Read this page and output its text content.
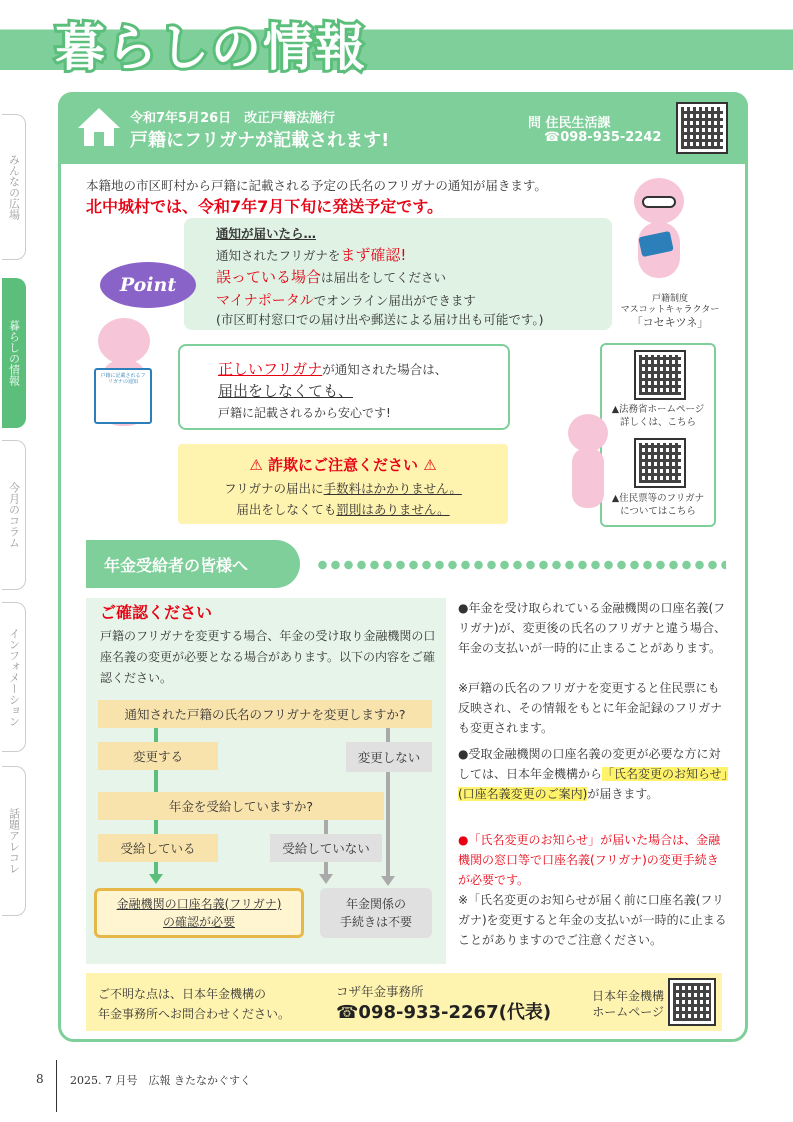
暮らしの情報
みんなの広場
暮らしの情報
今月のコラム
インフォメーション
話題アレコレ
令和7年5月26日　改正戸籍法施行
戸籍にフリガナが記載されます!
問 住民生活課
☎098-935-2242
本籍地の市区町村から戸籍に記載される予定の氏名のフリガナの通知が届きます。
北中城村では、令和7年7月下旬に発送予定です。
通知が届いたら…
通知されたフリガナをまず確認!
誤っている場合は届出をしてください
マイナポータルでオンライン届出ができます
(市区町村窓口での届け出や郵送による届け出も可能です。)
Point
戸籍制度
マスコットキャラクター
「コセキツネ」
戸籍に記載されるフリガナの通知
正しいフリガナが通知された場合は、
届出をしなくても、
戸籍に記載されるから安心です!
⚠ 詐欺にご注意ください ⚠
フリガナの届出に手数料はかかりません。
届出をしなくても罰則はありません。
▲法務省ホームページ
詳しくは、こちら
▲住民票等のフリガナ
についてはこちら
年金受給者の皆様へ
ご確認ください
戸籍のフリガナを変更する場合、年金の受け取り金融機関の口座名義の変更が必要となる場合があります。以下の内容をご確認ください。
通知された戸籍の氏名のフリガナを変更しますか?
変更する	変更しない
年金を受給していますか?
受給している	受給していない
金融機関の口座名義(フリガナ)
の確認が必要
年金関係の
手続きは不要
●年金を受け取られている金融機関の口座名義(フリガナ)が、変更後の氏名のフリガナと違う場合、年金の支払いが一時的に止まることがあります。
※戸籍の氏名のフリガナを変更すると住民票にも反映され、その情報をもとに年金記録のフリガナも変更されます。
●受取金融機関の口座名義の変更が必要な方に対しては、日本年金機構から「氏名変更のお知らせ」(口座名義変更のご案内)が届きます。
●「氏名変更のお知らせ」が届いた場合は、金融機関の窓口等で口座名義(フリガナ)の変更手続きが必要です。
※「氏名変更のお知らせが届く前に口座名義(フリガナ)を変更すると年金の支払いが一時的に止まることがありますのでご注意ください。
ご不明な点は、日本年金機構の
年金事務所へお問合わせください。
コザ年金事務所
☎098-933-2267(代表)
日本年金機構
ホームページ
8 2025. 7 月号　広報 きたなかぐすく
